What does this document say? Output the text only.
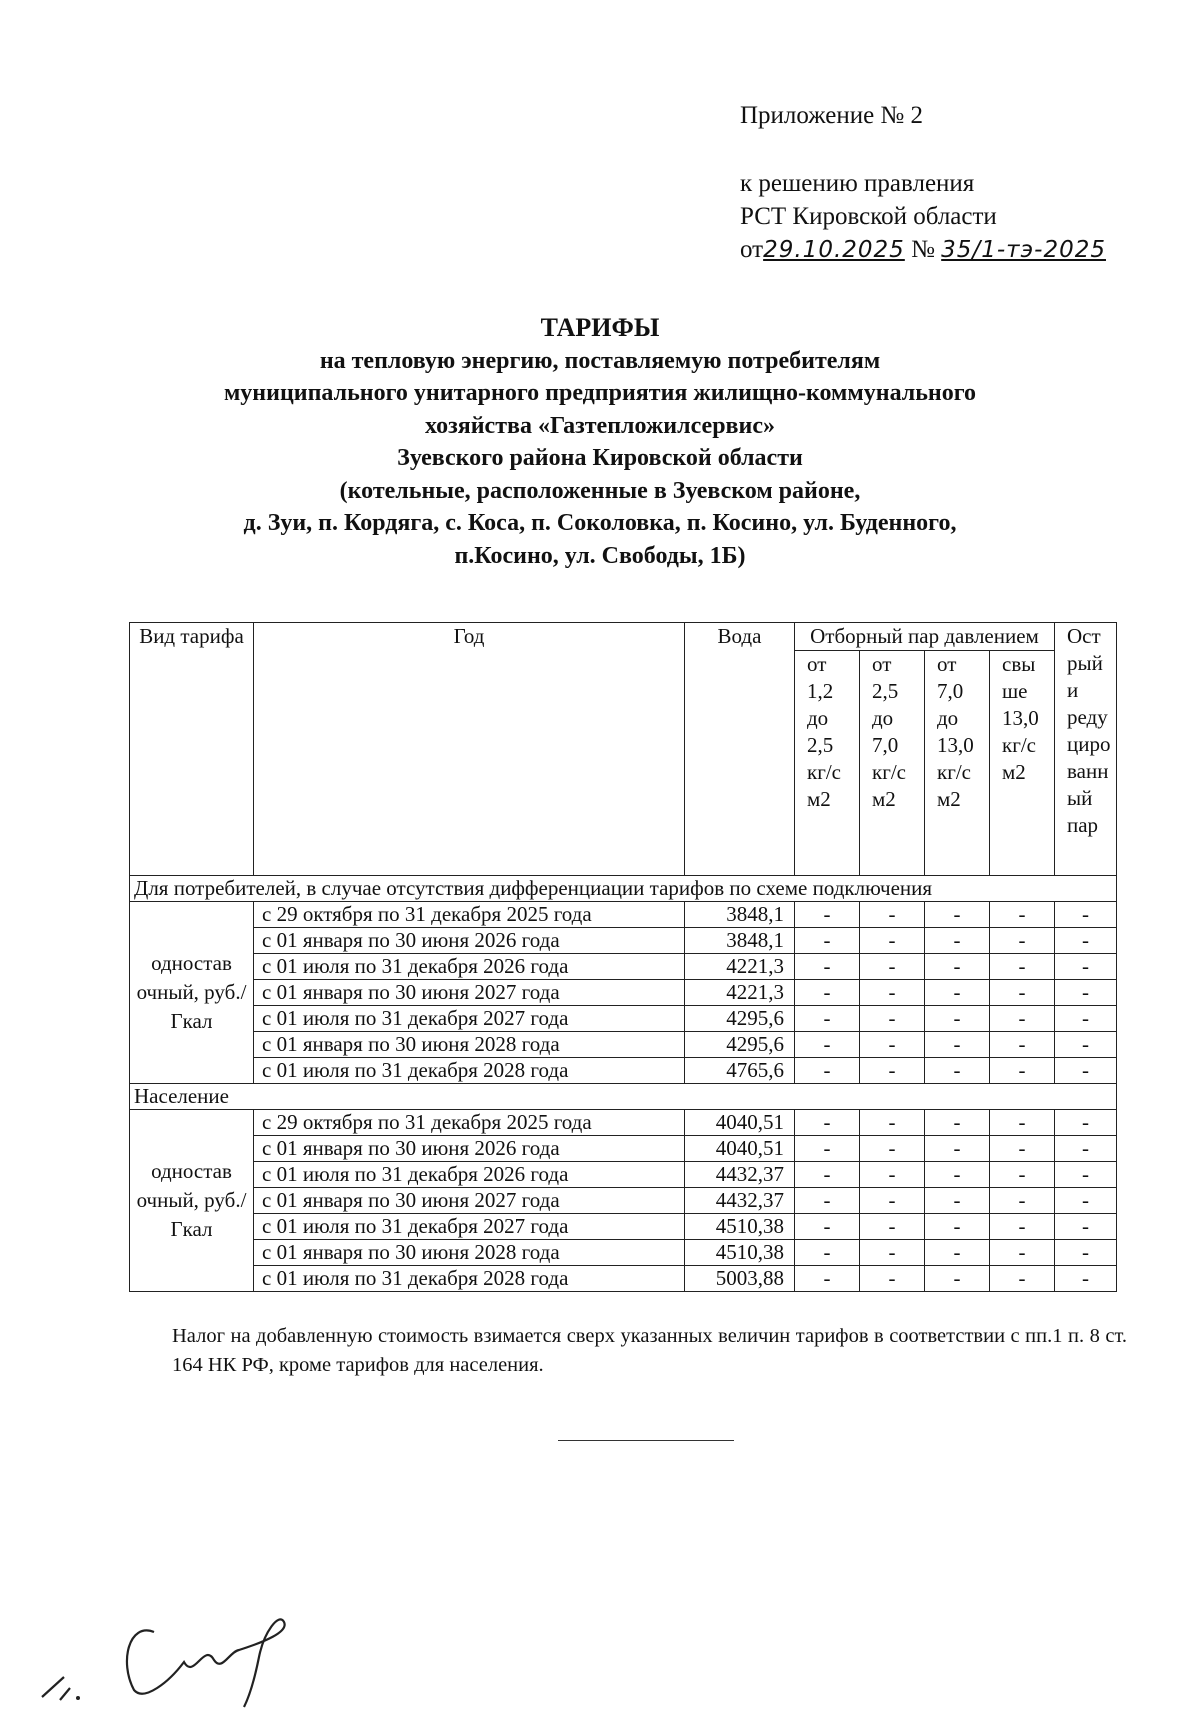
Приложение № 2
к решению правления
РСТ Кировской области
от29.10.2025 № 35/1-тэ-2025
ТАРИФЫ
на тепловую энергию, поставляемую потребителям
муниципального унитарного предприятия жилищно-коммунального
хозяйства «Газтепложилсервис»
Зуевского района Кировской области
(котельные, расположенные в Зуевском районе,
д. Зуи, п. Кордяга, с. Коса, п. Соколовка, п. Косино, ул. Буденного,
п.Косино, ул. Свободы, 1Б)
Вид тарифа	Год	Вода	Отборный пар давлением				Ост рый и реду циро ванн ый пар
			от 1,2 до 2,5 кг/с м2	от 2,5 до 7,0 кг/с м2	от 7,0 до 13,0 кг/с м2	свы ше 13,0 кг/с м2	
Для потребителей, в случае отсутствия дифференциации тарифов по схеме подключения							
одностав очный, руб./Гкал	с 29 октября по 31 декабря 2025 года	3848,1	-	-	-	-	-
	с 01 января по 30 июня 2026 года	3848,1	-	-	-	-	-
	с 01 июля по 31 декабря 2026 года	4221,3	-	-	-	-	-
	с 01 января по 30 июня 2027 года	4221,3	-	-	-	-	-
	с 01 июля по 31 декабря 2027 года	4295,6	-	-	-	-	-
	с 01 января по 30 июня 2028 года	4295,6	-	-	-	-	-
	с 01 июля по 31 декабря 2028 года	4765,6	-	-	-	-	-
Население							
одностав очный, руб./Гкал	с 29 октября по 31 декабря 2025 года	4040,51	-	-	-	-	-
	с 01 января по 30 июня 2026 года	4040,51	-	-	-	-	-
	с 01 июля по 31 декабря 2026 года	4432,37	-	-	-	-	-
	с 01 января по 30 июня 2027 года	4432,37	-	-	-	-	-
	с 01 июля по 31 декабря 2027 года	4510,38	-	-	-	-	-
	с 01 января по 30 июня 2028 года	4510,38	-	-	-	-	-
	с 01 июля по 31 декабря 2028 года	5003,88	-	-	-	-	-
Налог на добавленную стоимость взимается сверх указанных величин тарифов в соответствии с пп.1 п. 8 ст. 164 НК РФ, кроме тарифов для населения.
